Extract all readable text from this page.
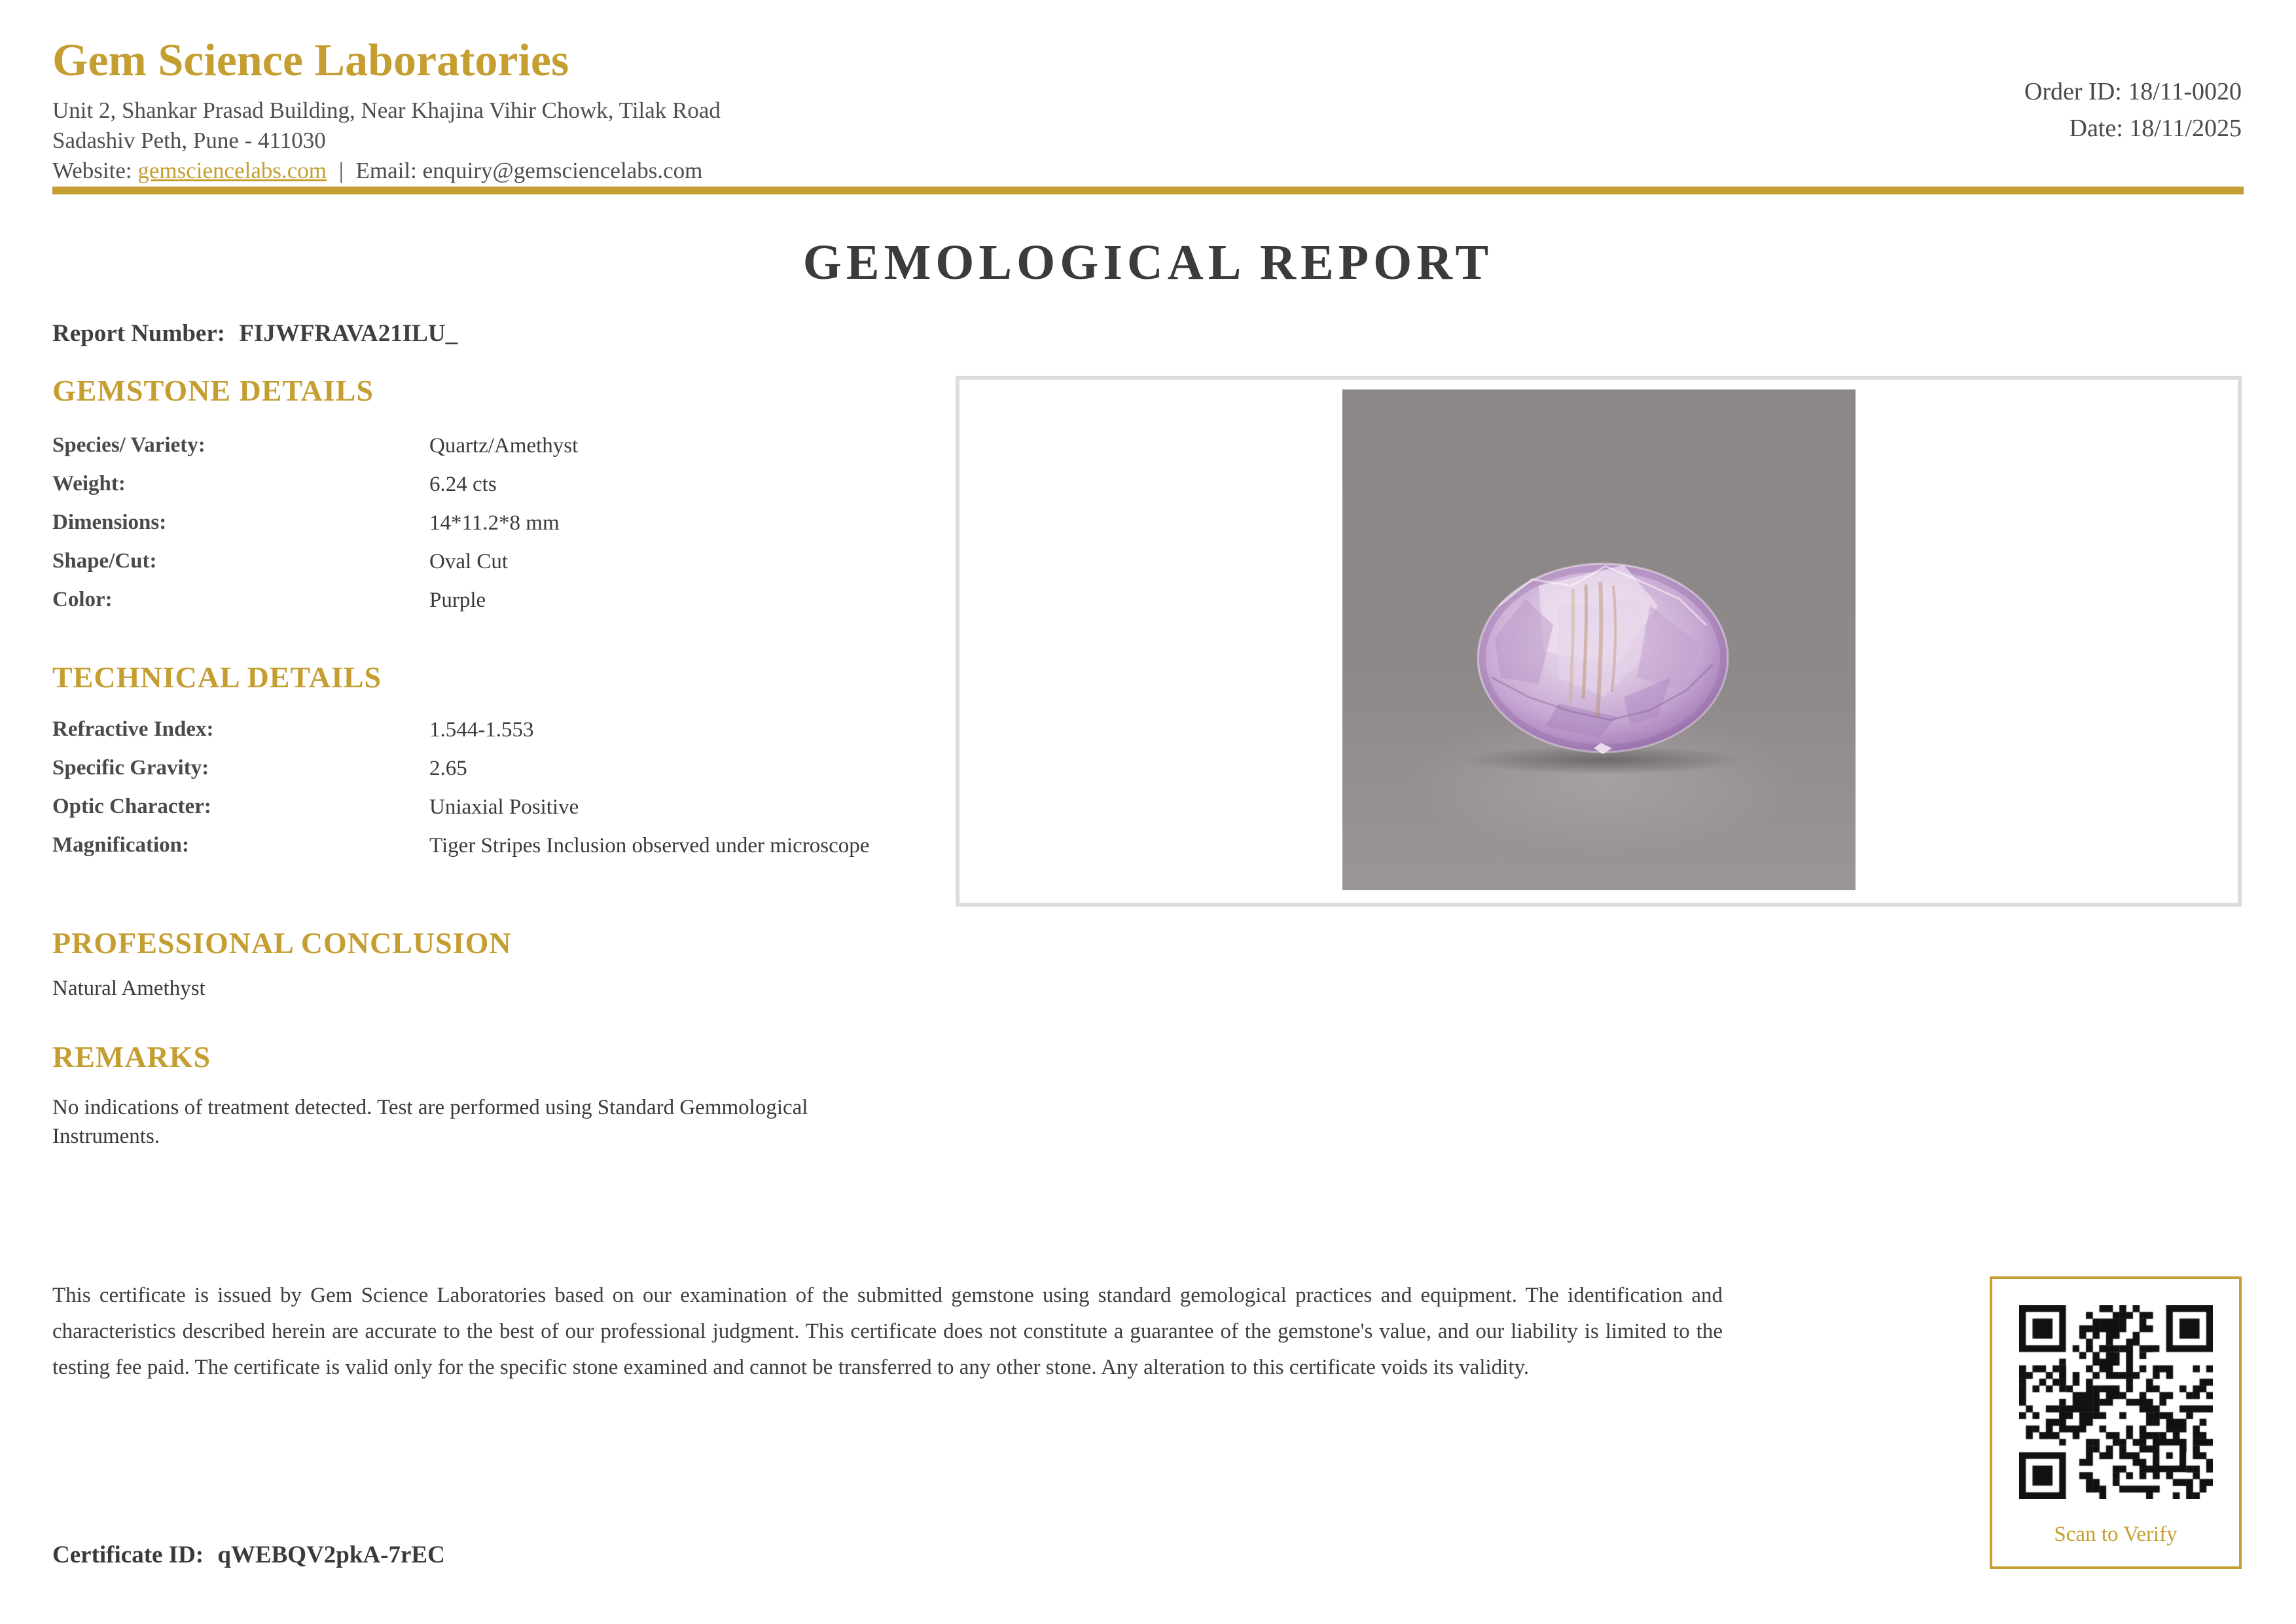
Gem Science Laboratories
Unit 2, Shankar Prasad Building, Near Khajina Vihir Chowk, Tilak Road
Sadashiv Peth, Pune - 411030
Website: gemsciencelabs.com | Email: enquiry@gemsciencelabs.com
Order ID: 18/11-0020
Date: 18/11/2025
GEMOLOGICAL REPORT
Report Number: FIJWFRAVA21ILU_
GEMSTONE DETAILS
Species/ Variety:	Quartz/Amethyst
Weight:	6.24 cts
Dimensions:	14*11.2*8 mm
Shape/Cut:	Oval Cut
Color:	Purple
TECHNICAL DETAILS
Refractive Index:	1.544-1.553
Specific Gravity:	2.65
Optic Character:	Uniaxial Positive
Magnification:	Tiger Stripes Inclusion observed under microscope
PROFESSIONAL CONCLUSION

Natural Amethyst

REMARKS

No indications of treatment detected. Test are performed using Standard Gemmological Instruments.

This certificate is issued by Gem Science Laboratories based on our examination of the submitted gemstone using standard gemological practices and equipment. The identification and characteristics described herein are accurate to the best of our professional judgment. This certificate does not constitute a guarantee of the gemstone's value, and our liability is limited to the testing fee paid. The certificate is valid only for the specific stone examined and cannot be transferred to any other stone. Any alteration to this certificate voids its validity.
Scan to Verify
Certificate ID: qWEBQV2pkA-7rEC
